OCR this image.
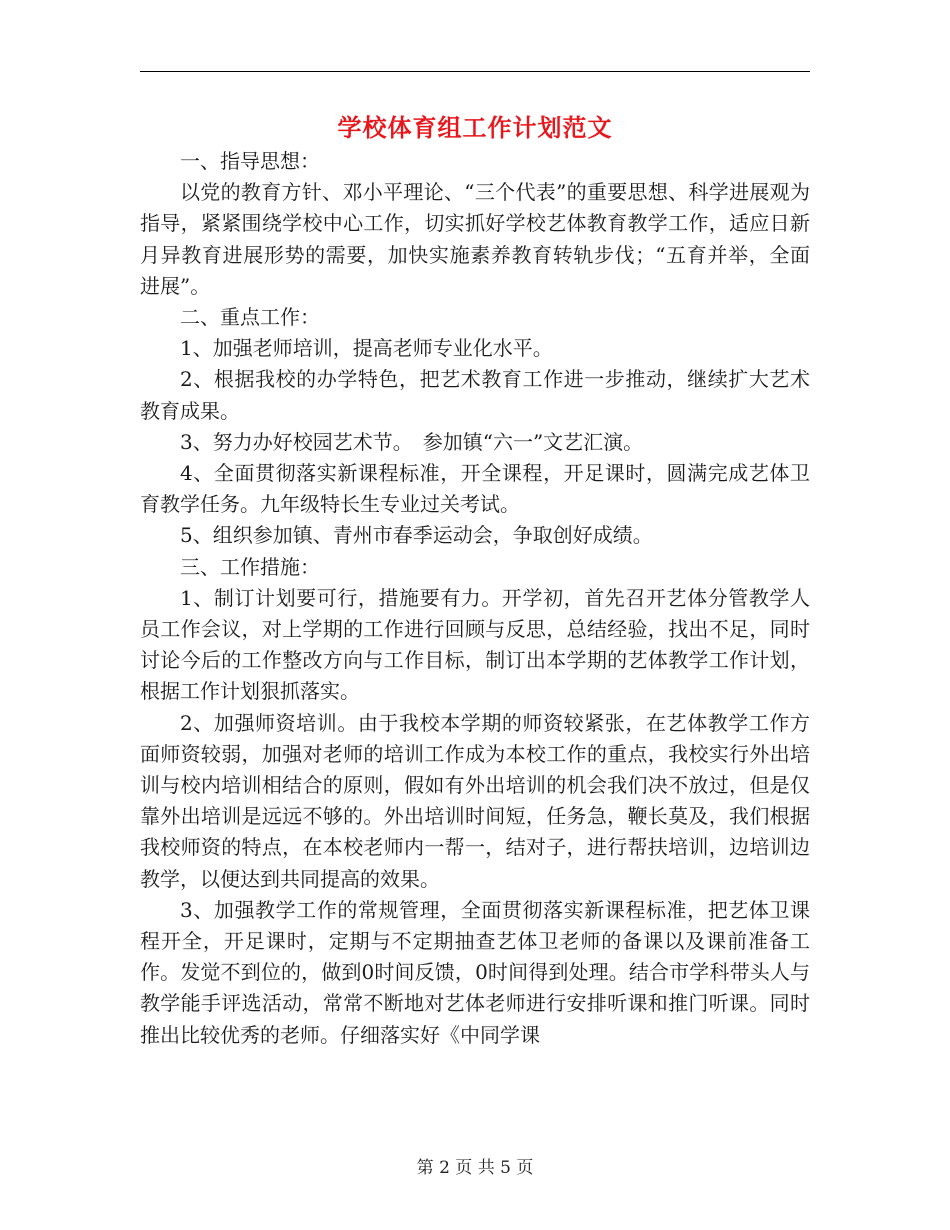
学校体育组工作计划范文

一、指导思想：

以党的教育方针、邓小平理论、“三个代表”的重要思想、科学进展观为指导，紧紧围绕学校中心工作，切实抓好学校艺体教育教学工作，适应日新月异教育进展形势的需要，加快实施素养教育转轨步伐；“五育并举，全面进展”。

二、重点工作：

1、加强老师培训，提高老师专业化水平。

2、根据我校的办学特色，把艺术教育工作进一步推动，继续扩大艺术教育成果。

3、努力办好校园艺术节。　参加镇“六一”文艺汇演。

4、全面贯彻落实新课程标准，开全课程，开足课时，圆满完成艺体卫育教学任务。九年级特长生专业过关考试。

5、组织参加镇、青州市春季运动会，争取创好成绩。

三、工作措施：

1、制订计划要可行，措施要有力。开学初，首先召开艺体分管教学人员工作会议，对上学期的工作进行回顾与反思，总结经验，找出不足，同时讨论今后的工作整改方向与工作目标，制订出本学期的艺体教学工作计划，根据工作计划狠抓落实。

2、加强师资培训。由于我校本学期的师资较紧张，在艺体教学工作方面师资较弱，加强对老师的培训工作成为本校工作的重点，我校实行外出培训与校内培训相结合的原则，假如有外出培训的机会我们决不放过，但是仅靠外出培训是远远不够的。外出培训时间短，任务急，鞭长莫及，我们根据我校师资的特点，在本校老师内一帮一，结对子，进行帮扶培训，边培训边教学，以便达到共同提高的效果。

3、加强教学工作的常规管理，全面贯彻落实新课程标准，把艺体卫课程开全，开足课时，定期与不定期抽查艺体卫老师的备课以及课前准备工作。发觉不到位的，做到0时间反馈，0时间得到处理。结合市学科带头人与教学能手评选活动，常常不断地对艺体老师进行安排听课和推门听课。同时推出比较优秀的老师。仔细落实好《中同学课

第 2 页 共 5 页
